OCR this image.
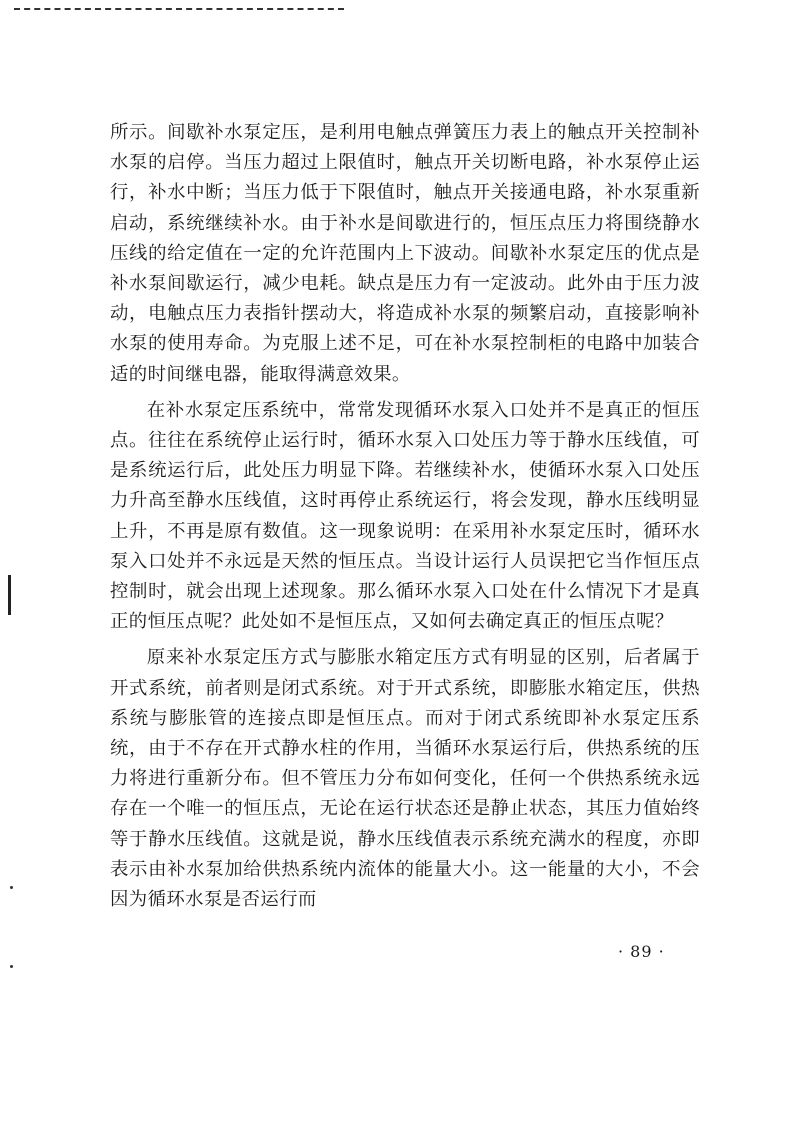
所示。间歇补水泵定压，是利用电触点弹簧压力表上的触点开关控制补水泵的启停。当压力超过上限值时，触点开关切断电路，补水泵停止运行，补水中断；当压力低于下限值时，触点开关接通电路，补水泵重新启动，系统继续补水。由于补水是间歇进行的，恒压点压力将围绕静水压线的给定值在一定的允许范围内上下波动。间歇补水泵定压的优点是补水泵间歇运行，减少电耗。缺点是压力有一定波动。此外由于压力波动，电触点压力表指针摆动大，将造成补水泵的频繁启动，直接影响补水泵的使用寿命。为克服上述不足，可在补水泵控制柜的电路中加装合适的时间继电器，能取得满意效果。

在补水泵定压系统中，常常发现循环水泵入口处并不是真正的恒压点。往往在系统停止运行时，循环水泵入口处压力等于静水压线值，可是系统运行后，此处压力明显下降。若继续补水，使循环水泵入口处压力升高至静水压线值，这时再停止系统运行，将会发现，静水压线明显上升，不再是原有数值。这一现象说明：在采用补水泵定压时，循环水泵入口处并不永远是天然的恒压点。当设计运行人员误把它当作恒压点控制时，就会出现上述现象。那么循环水泵入口处在什么情况下才是真正的恒压点呢？此处如不是恒压点，又如何去确定真正的恒压点呢？

原来补水泵定压方式与膨胀水箱定压方式有明显的区别，后者属于开式系统，前者则是闭式系统。对于开式系统，即膨胀水箱定压，供热系统与膨胀管的连接点即是恒压点。而对于闭式系统即补水泵定压系统，由于不存在开式静水柱的作用，当循环水泵运行后，供热系统的压力将进行重新分布。但不管压力分布如何变化，任何一个供热系统永远存在一个唯一的恒压点，无论在运行状态还是静止状态，其压力值始终等于静水压线值。这就是说，静水压线值表示系统充满水的程度，亦即表示由补水泵加给供热系统内流体的能量大小。这一能量的大小，不会因为循环水泵是否运行而

· 89 ·
